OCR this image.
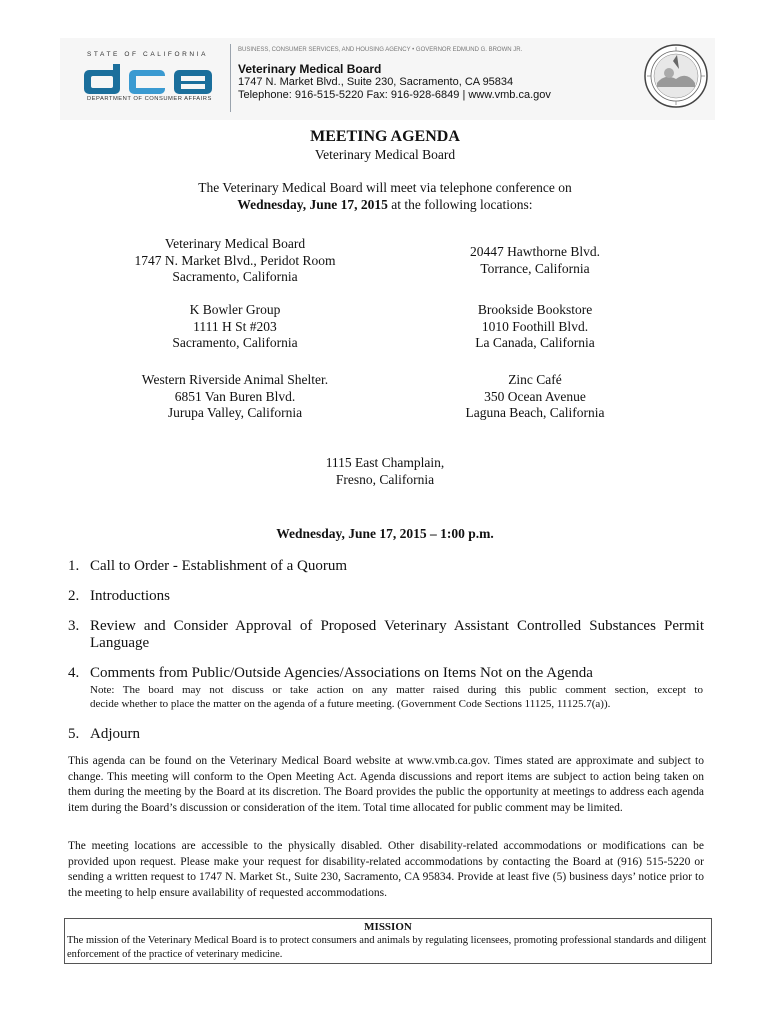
STATE OF CALIFORNIA
DEPARTMENT OF CONSUMER AFFAIRS
BUSINESS, CONSUMER SERVICES, AND HOUSING AGENCY • GOVERNOR EDMUND G. BROWN JR.
Veterinary Medical Board
1747 N. Market Blvd., Suite 230, Sacramento, CA 95834
Telephone: 916-515-5220 Fax: 916-928-6849 | www.vmb.ca.gov
MEETING AGENDA
Veterinary Medical Board
The Veterinary Medical Board will meet via telephone conference on
Wednesday, June 17, 2015 at the following locations:
Veterinary Medical Board
1747 N. Market Blvd., Peridot Room
Sacramento, California
20447 Hawthorne Blvd.
Torrance, California
K Bowler Group
1111 H St #203
Sacramento, California
Brookside Bookstore
1010 Foothill Blvd.
La Canada, California
Western Riverside Animal Shelter.
6851 Van Buren Blvd.
Jurupa Valley, California
Zinc Café
350 Ocean Avenue
Laguna Beach, California
1115 East Champlain,
Fresno, California
Wednesday, June 17, 2015 – 1:00 p.m.
1. Call to Order - Establishment of a Quorum
2. Introductions
3. Review and Consider Approval of Proposed Veterinary Assistant Controlled Substances Permit
Language
4. Comments from Public/Outside Agencies/Associations on Items Not on the Agenda
Note: The board may not discuss or take action on any matter raised during this public comment section, except to
decide whether to place the matter on the agenda of a future meeting. (Government Code Sections 11125, 11125.7(a)).
5. Adjourn
This agenda can be found on the Veterinary Medical Board website at www.vmb.ca.gov. Times stated are approximate and subject to change. This meeting will conform to the Open Meeting Act. Agenda discussions and report items are subject to action being taken on them during the meeting by the Board at its discretion. The Board provides the public the opportunity at meetings to address each agenda item during the Board’s discussion or consideration of the item. Total time allocated for public comment may be limited.
The meeting locations are accessible to the physically disabled. Other disability-related accommodations or modifications can be provided upon request. Please make your request for disability-related accommodations by contacting the Board at (916) 515-5220 or sending a written request to 1747 N. Market St., Suite 230, Sacramento, CA 95834. Provide at least five (5) business days’ notice prior to the meeting to help ensure availability of requested accommodations.
MISSION
The mission of the Veterinary Medical Board is to protect consumers and animals by regulating licensees, promoting professional standards and diligent enforcement of the practice of veterinary medicine.
